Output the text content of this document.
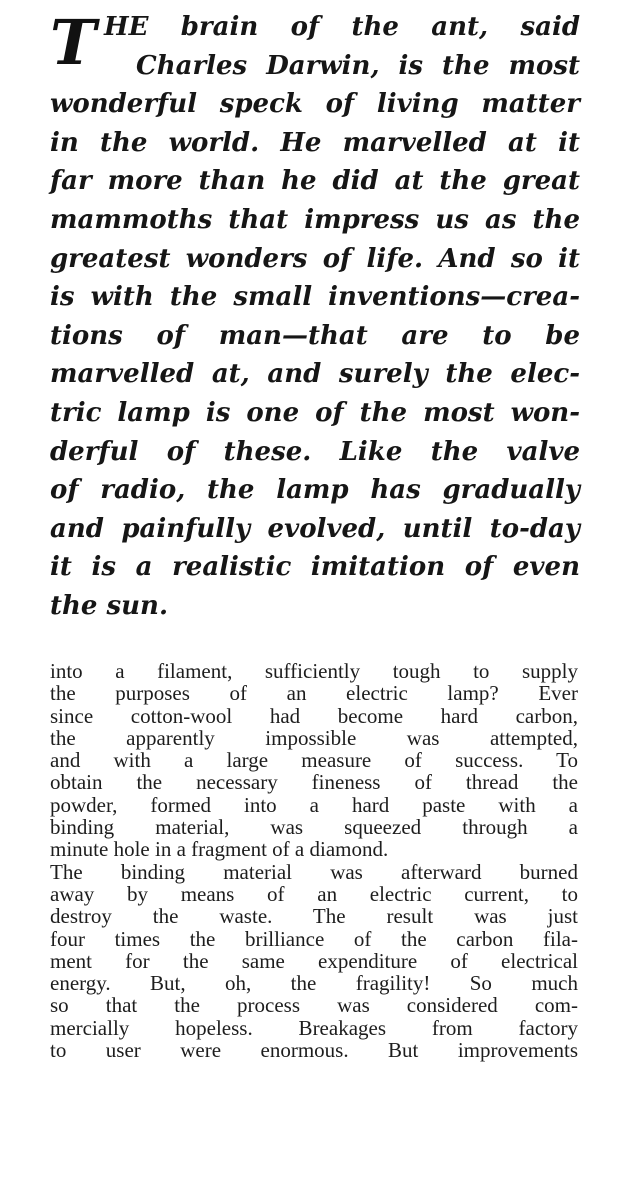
T HE brain of the ant, said
Charles Darwin, is the most
wonderful speck of living matter
in the world. He marvelled at it
far more than he did at the great
mammoths that impress us as the
greatest wonders of life. And so it
is with the small inventions—crea-
tions of man—that are to be
marvelled at, and surely the elec-
tric lamp is one of the most won-
derful of these. Like the valve
of radio, the lamp has gradually
and painfully evolved, until to-day
it is a realistic imitation of even
the sun.
into a filament, sufficiently tough to supply
the purposes of an electric lamp? Ever
since cotton-wool had become hard carbon,
the apparently impossible was attempted,
and with a large measure of success. To
obtain the necessary fineness of thread the
powder, formed into a hard paste with a
binding material, was squeezed through a
minute hole in a fragment of a diamond.
The binding material was afterward burned
away by means of an electric current, to
destroy the waste. The result was just
four times the brilliance of the carbon fila-
ment for the same expenditure of electrical
energy. But, oh, the fragility! So much
so that the process was considered com-
mercially hopeless. Breakages from factory
to user were enormous. But improvements
